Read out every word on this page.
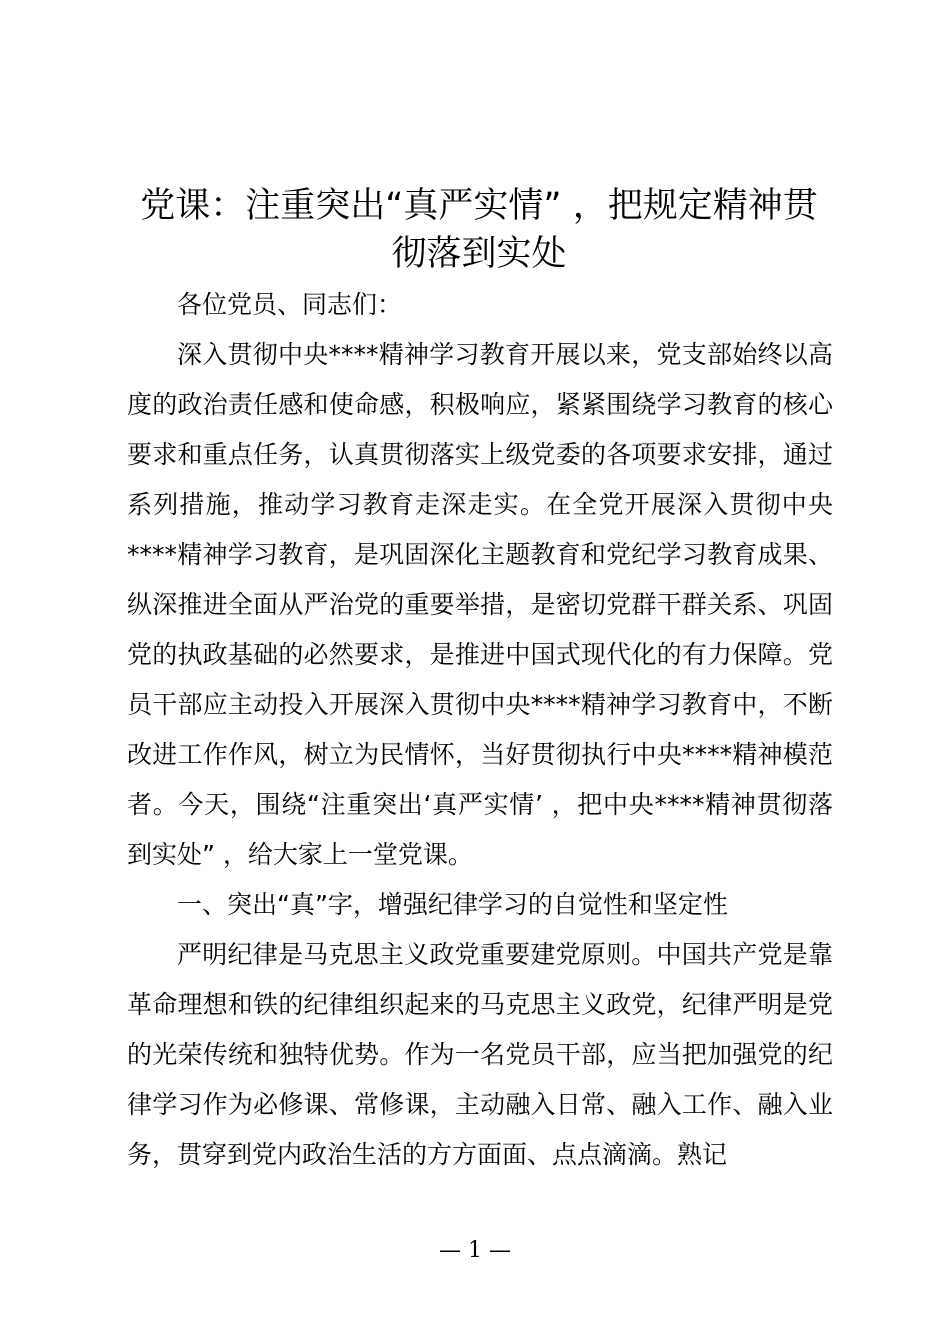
党课：注重突出“真严实情” ，把规定精神贯彻落到实处

各位党员、同志们：

深入贯彻中央****精神学习教育开展以来，党支部始终以高度的政治责任感和使命感，积极响应，紧紧围绕学习教育的核心要求和重点任务，认真贯彻落实上级党委的各项要求安排，通过系列措施，推动学习教育走深走实。在全党开展深入贯彻中央****精神学习教育，是巩固深化主题教育和党纪学习教育成果、纵深推进全面从严治党的重要举措，是密切党群干群关系、巩固党的执政基础的必然要求，是推进中国式现代化的有力保障。党员干部应主动投入开展深入贯彻中央****精神学习教育中，不断改进工作作风，树立为民情怀，当好贯彻执行中央****精神模范者。今天，围绕“注重突出‘真严实情’ ，把中央****精神贯彻落到实处” ，给大家上一堂党课。

一、突出“真”字，增强纪律学习的自觉性和坚定性

严明纪律是马克思主义政党重要建党原则。中国共产党是靠革命理想和铁的纪律组织起来的马克思主义政党，纪律严明是党的光荣传统和独特优势。作为一名党员干部，应当把加强党的纪律学习作为必修课、常修课，主动融入日常、融入工作、融入业务，贯穿到党内政治生活的方方面面、点点滴滴。熟记

— 1 —
